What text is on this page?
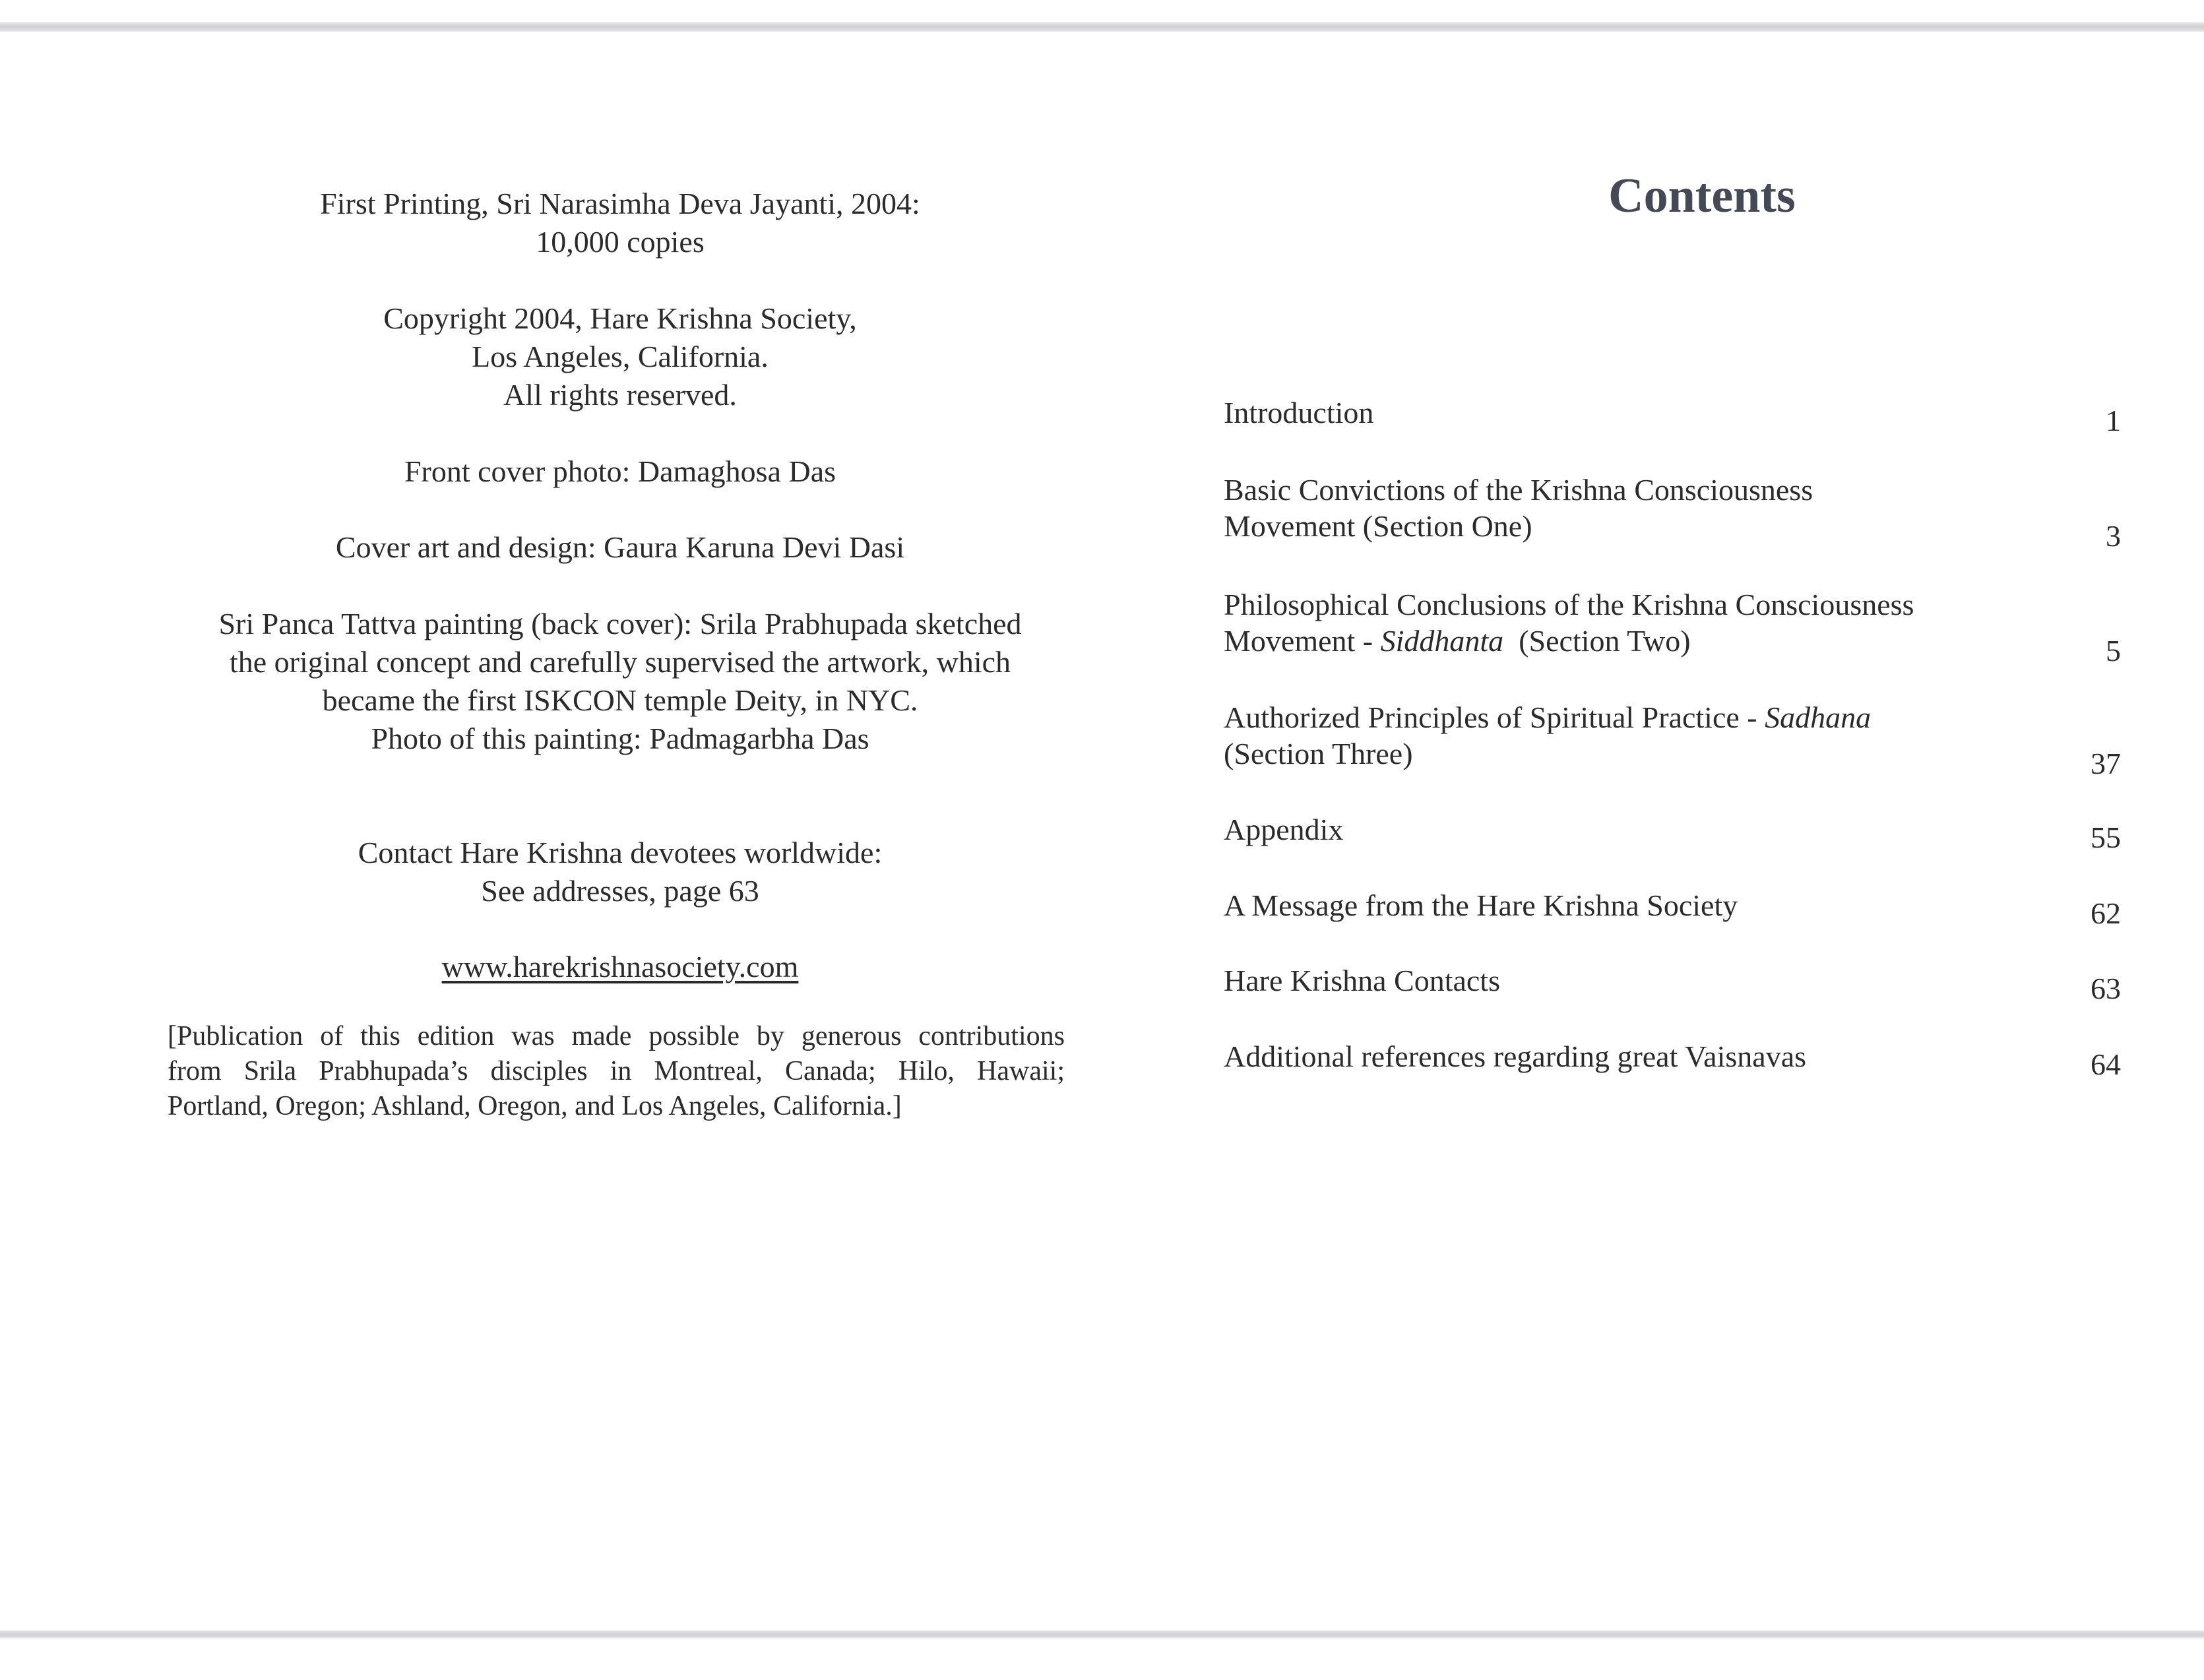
First Printing, Sri Narasimha Deva Jayanti, 2004:
10,000 copies
Copyright 2004, Hare Krishna Society,
Los Angeles, California.
All rights reserved.
Front cover photo: Damaghosa Das
Cover art and design: Gaura Karuna Devi Dasi
Sri Panca Tattva painting (back cover): Srila Prabhupada sketched
the original concept and carefully supervised the artwork, which
became the first ISKCON temple Deity, in NYC.
Photo of this painting: Padmagarbha Das
Contact Hare Krishna devotees worldwide:
See addresses, page 63
www.harekrishnasociety.com
[Publication of this edition was made possible by generous contributions
from Srila Prabhupada’s disciples in Montreal, Canada; Hilo, Hawaii;
Portland, Oregon; Ashland, Oregon, and Los Angeles, California.]
Contents
Introduction	1
Basic Convictions of the Krishna Consciousness
Movement (Section One)	3
Philosophical Conclusions of the Krishna Consciousness
Movement - Siddhanta  (Section Two)	5
Authorized Principles of Spiritual Practice - Sadhana
(Section Three)	37
Appendix	55
A Message from the Hare Krishna Society	62
Hare Krishna Contacts	63
Additional references regarding great Vaisnavas	64
